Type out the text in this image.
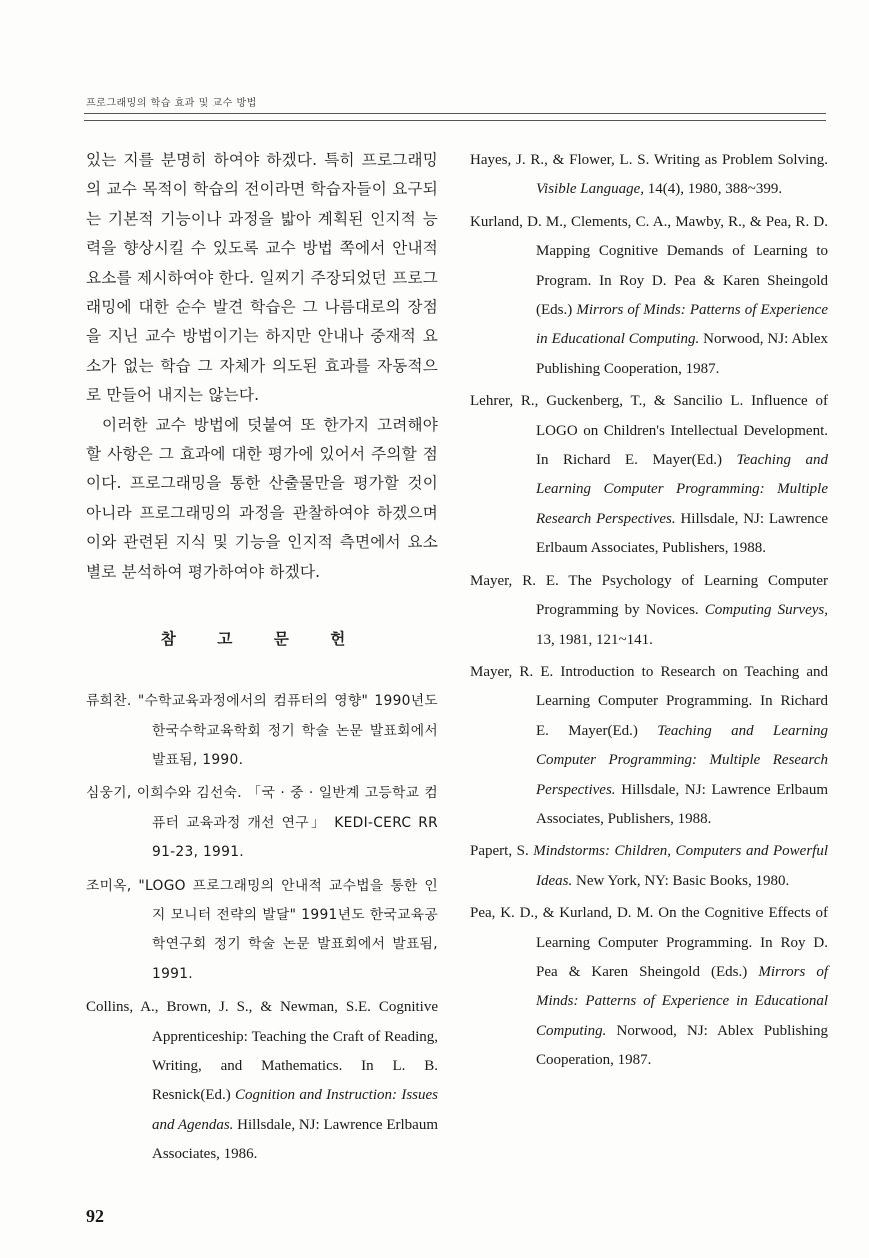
프로그래밍의 학습 효과 및 교수 방법

있는 지를 분명히 하여야 하겠다. 특히 프로그래밍의 교수 목적이 학습의 전이라면 학습자들이 요구되는 기본적 기능이나 과정을 밟아 계획된 인지적 능력을 향상시킬 수 있도록 교수 방법 쪽에서 안내적 요소를 제시하여야 한다. 일찌기 주장되었던 프로그래밍에 대한 순수 발견 학습은 그 나름대로의 장점을 지닌 교수 방법이기는 하지만 안내나 중재적 요소가 없는 학습 그 자체가 의도된 효과를 자동적으로 만들어 내지는 않는다.

이러한 교수 방법에 덧붙여 또 한가지 고려해야 할 사항은 그 효과에 대한 평가에 있어서 주의할 점이다. 프로그래밍을 통한 산출물만을 평가할 것이 아니라 프로그래밍의 과정을 관찰하여야 하겠으며 이와 관련된 지식 및 기능을 인지적 측면에서 요소별로 분석하여 평가하여야 하겠다.

참 고 문 헌

류희찬. "수학교육과정에서의 컴퓨터의 영향" 1990년도 한국수학교육학회 정기 학술 논문 발표회에서 발표됨, 1990.

심웅기, 이희수와 김선숙. 「국 · 중 · 일반계 고등학교 컴퓨터 교육과정 개선 연구」 KEDI-CERC RR 91-23, 1991.

조미옥, "LOGO 프로그래밍의 안내적 교수법을 통한 인지 모니터 전략의 발달" 1991년도 한국교육공학연구회 정기 학술 논문 발표회에서 발표됨, 1991.

Collins, A., Brown, J. S., & Newman, S.E. Cognitive Apprenticeship: Teaching the Craft of Reading, Writing, and Mathematics. In L. B. Resnick(Ed.) Cognition and Instruction: Issues and Agendas. Hillsdale, NJ: Lawrence Erlbaum Associates, 1986.

Hayes, J. R., & Flower, L. S. Writing as Problem Solving. Visible Language, 14(4), 1980, 388~399.

Kurland, D. M., Clements, C. A., Mawby, R., & Pea, R. D. Mapping Cognitive Demands of Learning to Program. In Roy D. Pea & Karen Sheingold (Eds.) Mirrors of Minds: Patterns of Experience in Educational Computing. Norwood, NJ: Ablex Publishing Cooperation, 1987.

Lehrer, R., Guckenberg, T., & Sancilio L. Influence of LOGO on Children's Intellectual Development. In Richard E. Mayer(Ed.) Teaching and Learning Computer Programming: Multiple Research Perspectives. Hillsdale, NJ: Lawrence Erlbaum Associates, Publishers, 1988.

Mayer, R. E. The Psychology of Learning Computer Programming by Novices. Computing Surveys, 13, 1981, 121~141.

Mayer, R. E. Introduction to Research on Teaching and Learning Computer Programming. In Richard E. Mayer(Ed.) Teaching and Learning Computer Programming: Multiple Research Perspectives. Hillsdale, NJ: Lawrence Erlbaum Associates, Publishers, 1988.

Papert, S. Mindstorms: Children, Computers and Powerful Ideas. New York, NY: Basic Books, 1980.

Pea, K. D., & Kurland, D. M. On the Cognitive Effects of Learning Computer Programming. In Roy D. Pea & Karen Sheingold (Eds.) Mirrors of Minds: Patterns of Experience in Educational Computing. Norwood, NJ: Ablex Publishing Cooperation, 1987.

92
